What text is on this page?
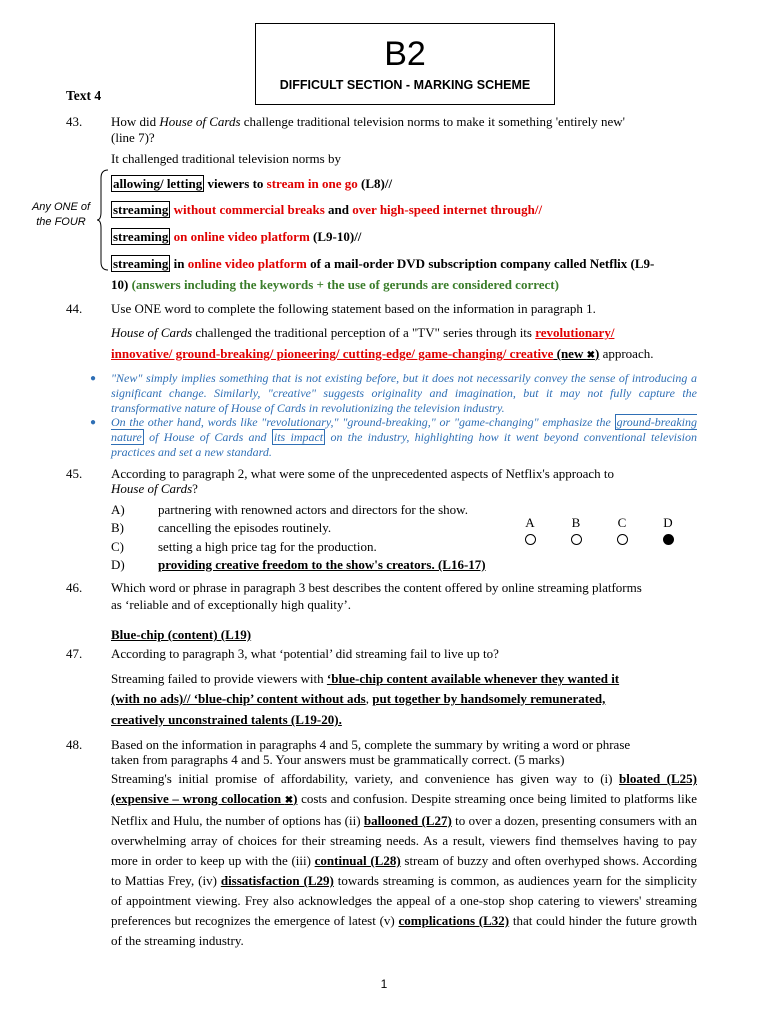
B2
DIFFICULT SECTION - MARKING SCHEME
Text 4
43. How did House of Cards challenge traditional television norms to make it something 'entirely new'
(line 7)?
It challenged traditional television norms by
Any ONE of the FOUR
allowing/ letting viewers to stream in one go (L8)//
streaming without commercial breaks and over high-speed internet through//
streaming on online video platform (L9-10)//
streaming in online video platform of a mail-order DVD subscription company called Netflix (L9-
10) (answers including the keywords + the use of gerunds are considered correct)
44. Use ONE word to complete the following statement based on the information in paragraph 1.
House of Cards challenged the traditional perception of a "TV" series through its revolutionary/
innovative/ ground-breaking/ pioneering/ cutting-edge/ game-changing/ creative (new ✖) approach.
● "New" simply implies something that is not existing before, but it does not necessarily convey the sense of introducing a significant change. Similarly, "creative" suggests originality and imagination, but it may not fully capture the transformative nature of House of Cards in revolutionizing the television industry.
● On the other hand, words like "revolutionary," "ground-breaking," or "game-changing" emphasize the ground-breaking nature of House of Cards and its impact on the industry, highlighting how it went beyond conventional television practices and set a new standard.
45. According to paragraph 2, what were some of the unprecedented aspects of Netflix's approach to
House of Cards?
A)	partnering with renowned actors and directors for the show.
B)	cancelling the episodes routinely.
C)	setting a high price tag for the production.
D)	providing creative freedom to the show's creators. (L16-17)
A	B	C	D
46. Which word or phrase in paragraph 3 best describes the content offered by online streaming platforms
as ‘reliable and of exceptionally high quality’.
Blue-chip (content) (L19)
47. According to paragraph 3, what ‘potential’ did streaming fail to live up to?
Streaming failed to provide viewers with ‘blue-chip content available whenever they wanted it
(with no ads)// ‘blue-chip’ content without ads, put together by handsomely remunerated,
creatively unconstrained talents (L19-20).
48. Based on the information in paragraphs 4 and 5, complete the summary by writing a word or phrase
taken from paragraphs 4 and 5. Your answers must be grammatically correct. (5 marks)
Streaming's initial promise of affordability, variety, and convenience has given way to (i) bloated (L25) (expensive – wrong collocation ✖) costs and confusion. Despite streaming once being limited to platforms like Netflix and Hulu, the number of options has (ii) ballooned (L27) to over a dozen, presenting consumers with an overwhelming array of choices for their streaming needs. As a result, viewers find themselves having to pay more in order to keep up with the (iii) continual (L28) stream of buzzy and often overhyped shows. According to Mattias Frey, (iv) dissatisfaction (L29) towards streaming is common, as audiences yearn for the simplicity of appointment viewing. Frey also acknowledges the appeal of a one-stop shop catering to viewers' streaming preferences but recognizes the emergence of latest (v) complications (L32) that could hinder the future growth of the streaming industry.
1
